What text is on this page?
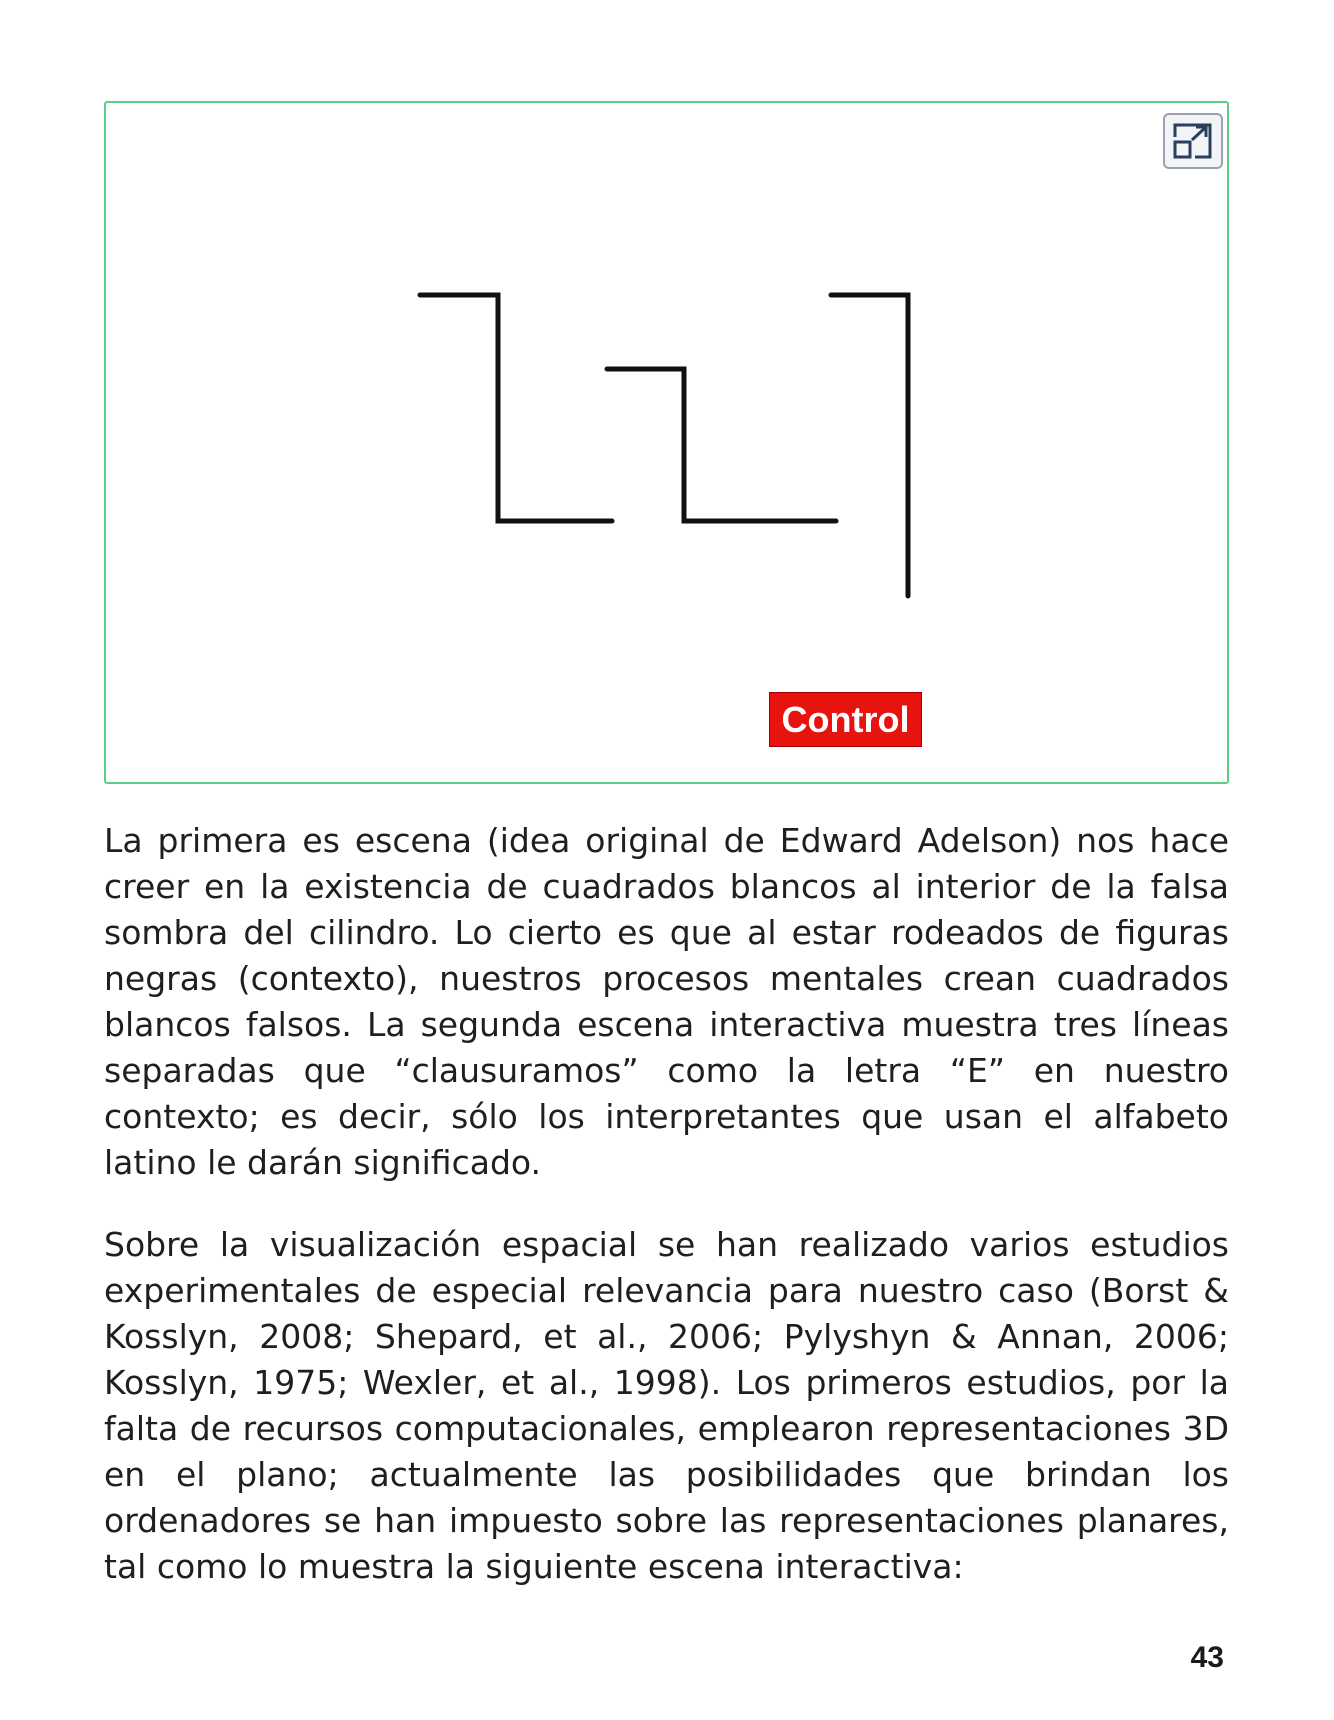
Control

La primera es escena (idea original de Edward Adelson) nos hace creer en la existencia de cuadrados blancos al interior de la falsa sombra del cilindro. Lo cierto es que al estar rodeados de figuras negras (contexto), nuestros procesos mentales crean cuadrados blancos falsos. La segunda escena interactiva muestra tres líneas separadas que “clausuramos” como la letra “E” en nuestro contexto; es decir, sólo los interpretantes que usan el alfabeto latino le darán significado.

Sobre la visualización espacial se han realizado varios estudios experimentales de especial relevancia para nuestro caso (Borst & Kosslyn, 2008; Shepard, et al., 2006; Pylyshyn & Annan, 2006; Kosslyn, 1975; Wexler, et al., 1998). Los primeros estudios, por la falta de recursos computacionales, emplearon representaciones 3D en el plano; actualmente las posibilidades que brindan los ordenadores se han impuesto sobre las representaciones planares, tal como lo muestra la siguiente escena interactiva:

43
